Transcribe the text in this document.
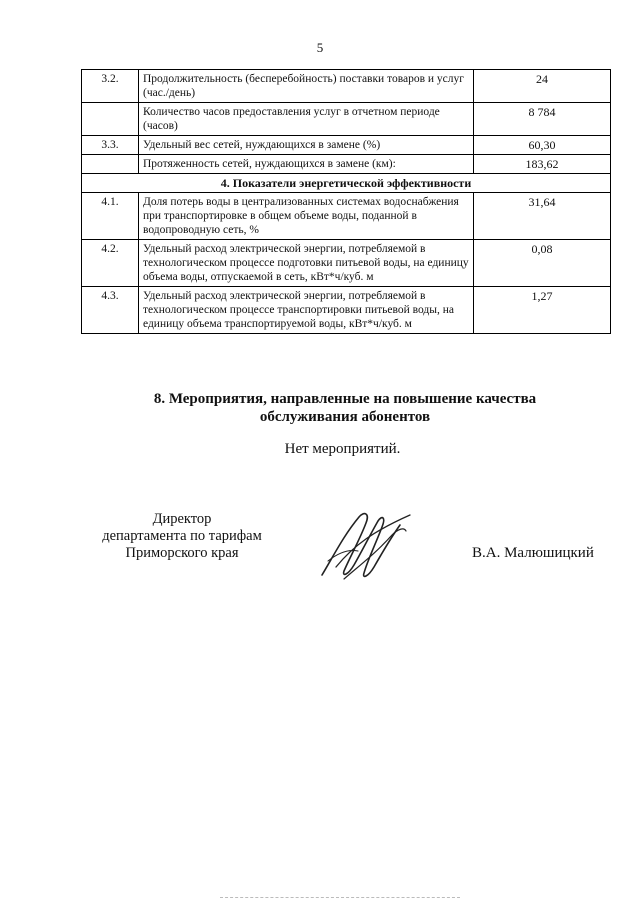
5
3.2.	Продолжительность (бесперебойность) поставки товаров и услуг (час./день)	24
	Количество часов предоставления услуг в отчетном периоде (часов)	8 784
3.3.	Удельный вес сетей, нуждающихся в замене (%)	60,30
	Протяженность сетей, нуждающихся в замене (км):	183,62
4. Показатели энергетической эффективности		
4.1.	Доля потерь воды в централизованных системах водоснабжения при транспортировке в общем объеме воды, поданной в водопроводную сеть, %	31,64
4.2.	Удельный расход электрической энергии, потребляемой в технологическом процессе подготовки питьевой воды, на единицу объема воды, отпускаемой в сеть, кВт*ч/куб. м	0,08
4.3.	Удельный расход электрической энергии, потребляемой в технологическом процессе транспортировки питьевой воды, на единицу объема транспортируемой воды, кВт*ч/куб. м	1,27
8. Мероприятия, направленные на повышение качества
обслуживания абонентов
Нет мероприятий.
Директор
департамента по тарифам
Приморского края	В.А. Малюшицкий
